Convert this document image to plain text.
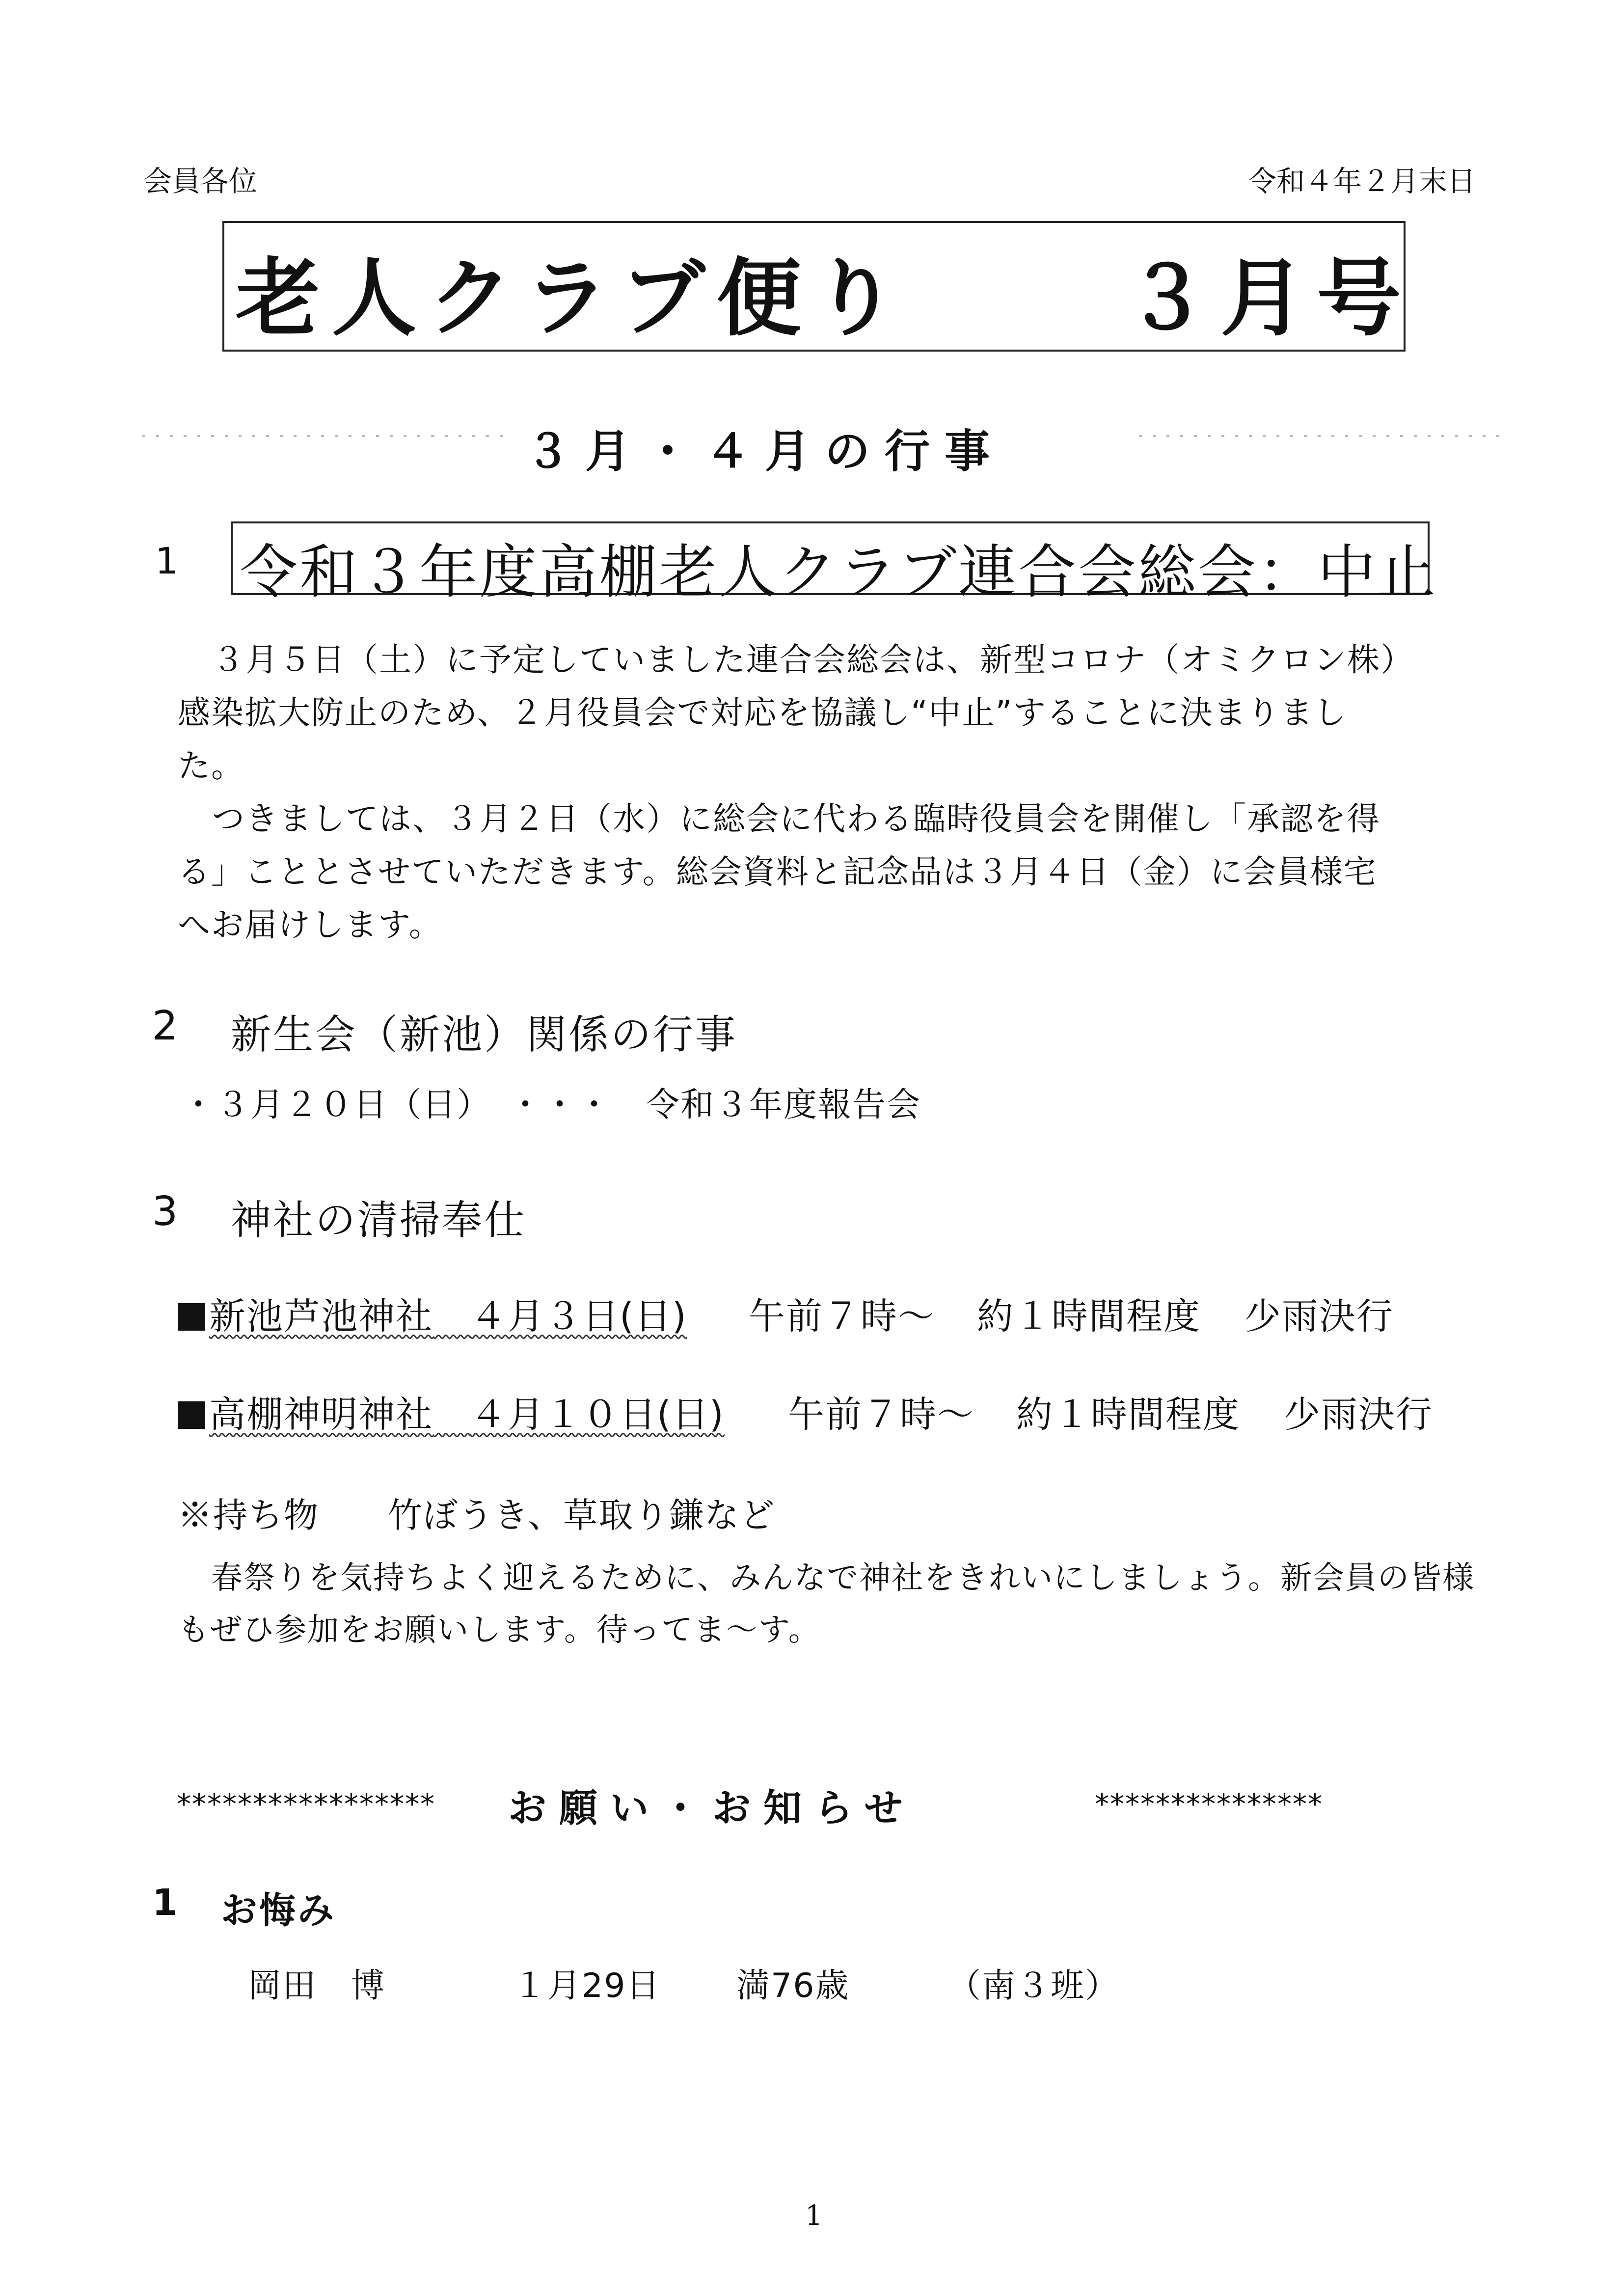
会員各位	令和４年２月末日
老人クラブ便り	３月号
３月・４月の行事
1 令和３年度高棚老人クラブ連合会総会：中止
３月５日（土）に予定していました連合会総会は、新型コロナ（オミクロン株）
感染拡大防止のため、２月役員会で対応を協議し“中止”することに決まりまし
た。
つきましては、３月２日（水）に総会に代わる臨時役員会を開催し「承認を得
る」こととさせていただきます。総会資料と記念品は３月４日（金）に会員様宅
へお届けします。
2 新生会（新池）関係の行事
・３月２０日（日）　・・・　令和３年度報告会
3 神社の清掃奉仕
新池芦池神社　 ４月３日(日) 午前７時～ 約１時間程度 少雨決行
高棚神明神社　 ４月１０日(日) 午前７時～ 約１時間程度 少雨決行
※持ち物 竹ぼうき、草取り鎌など
春祭りを気持ちよく迎えるために、みんなで神社をきれいにしましょう。新会員の皆様
もぜひ参加をお願いします。待ってま～す。
***************** お願い・お知らせ	***************
1 お悔み
岡田　博	１月29日 満76歳	（南３班）
1
